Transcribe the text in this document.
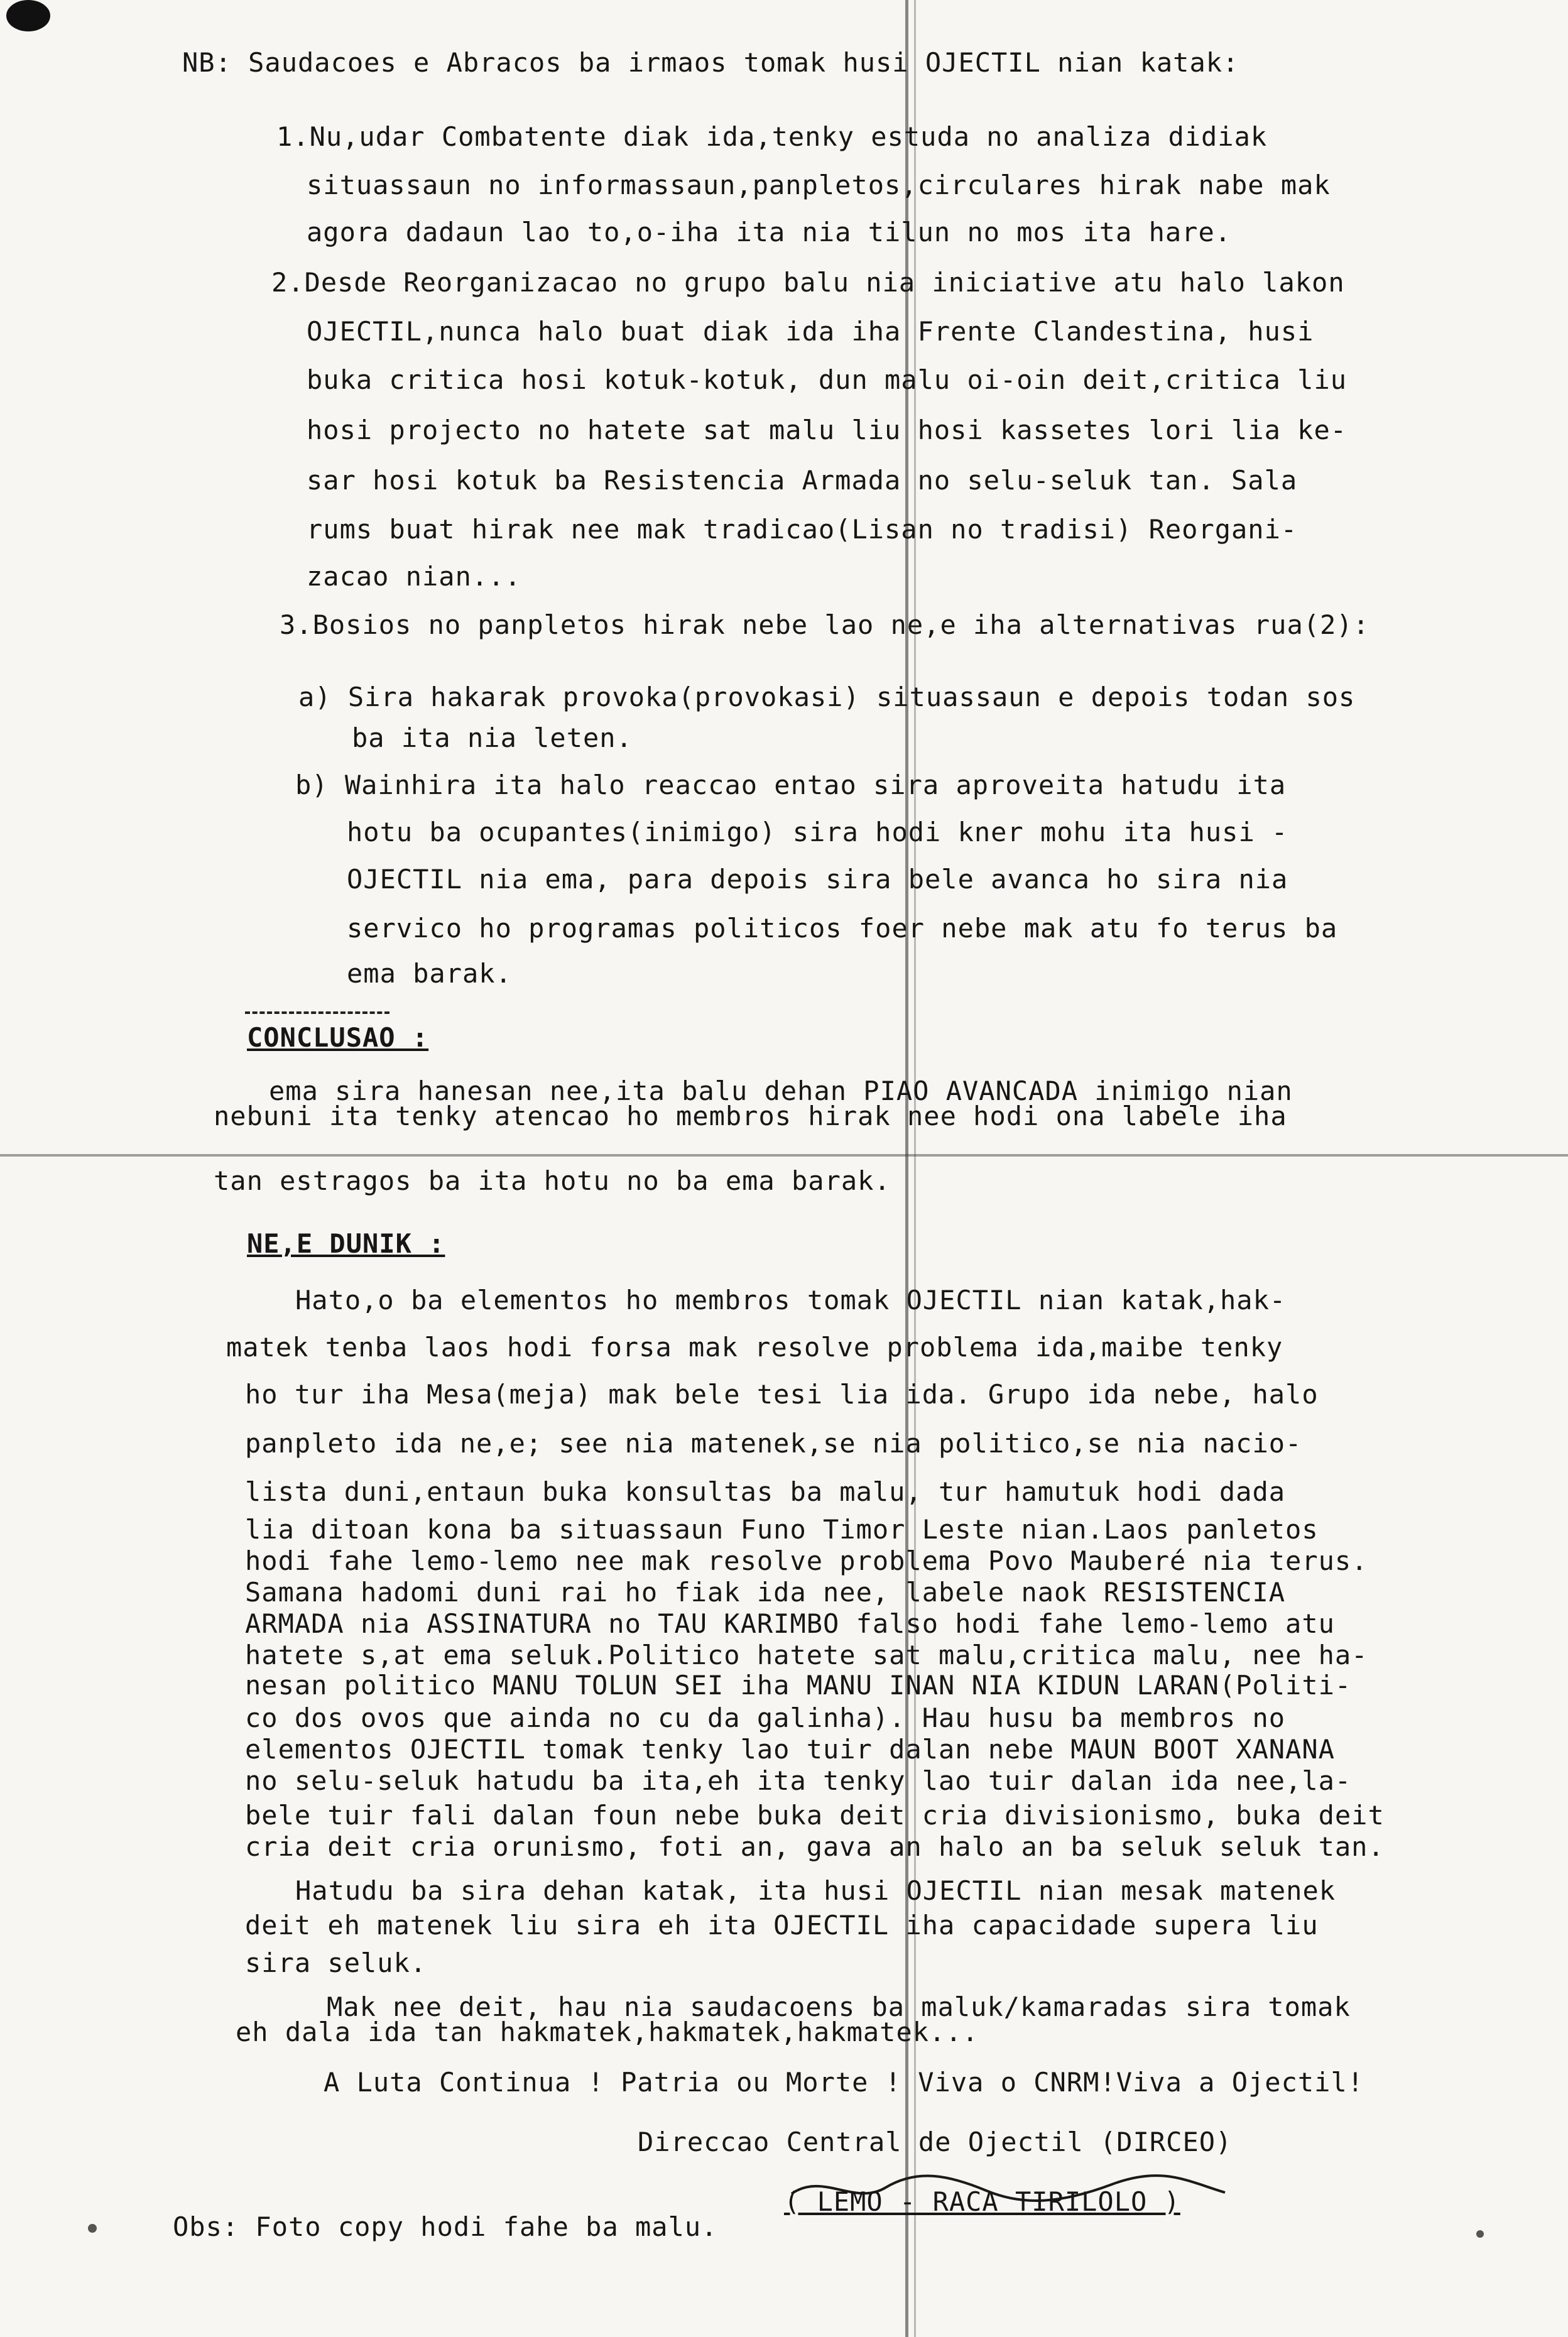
NB: Saudacoes e Abracos ba irmaos tomak husi OJECTIL nian katak:
1.Nu,udar Combatente diak ida,tenky estuda no analiza didiak
situassaun no informassaun,panpletos,circulares hirak nabe mak
agora dadaun lao to,o-iha ita nia tilun no mos ita hare.
2.Desde Reorganizacao no grupo balu nia iniciative atu halo lakon
OJECTIL,nunca halo buat diak ida iha Frente Clandestina, husi
buka critica hosi kotuk-kotuk, dun malu oi-oin deit,critica liu
hosi projecto no hatete sat malu liu hosi kassetes lori lia ke-
sar hosi kotuk ba Resistencia Armada no selu-seluk tan. Sala
rums buat hirak nee mak tradicao(Lisan no tradisi) Reorgani-
zacao nian...
3.Bosios no panpletos hirak nebe lao ne,e iha alternativas rua(2):
a) Sira hakarak provoka(provokasi) situassaun e depois todan sos
ba ita nia leten.
b) Wainhira ita halo reaccao entao sira aproveita hatudu ita
hotu ba ocupantes(inimigo) sira hodi kner mohu ita husi -
OJECTIL nia ema, para depois sira bele avanca ho sira nia
servico ho programas politicos foer nebe mak atu fo terus ba
ema barak.
CONCLUSAO :
ema sira hanesan nee,ita balu dehan PIAO AVANCADA inimigo nian
nebuni ita tenky atencao ho membros hirak nee hodi ona labele iha
tan estragos ba ita hotu no ba ema barak.
NE,E DUNIK :
Hato,o ba elementos ho membros tomak OJECTIL nian katak,hak-
matek tenba laos hodi forsa mak resolve problema ida,maibe tenky
ho tur iha Mesa(meja) mak bele tesi lia ida. Grupo ida nebe, halo
panpleto ida ne,e; see nia matenek,se nia politico,se nia nacio-
lista duni,entaun buka konsultas ba malu, tur hamutuk hodi dada
lia ditoan kona ba situassaun Funo Timor Leste nian.Laos panletos
hodi fahe lemo-lemo nee mak resolve problema Povo Mauberé nia terus.
Samana hadomi duni rai ho fiak ida nee, labele naok RESISTENCIA
ARMADA nia ASSINATURA no TAU KARIMBO falso hodi fahe lemo-lemo atu
hatete s,at ema seluk.Politico hatete sat malu,critica malu, nee ha-
nesan politico MANU TOLUN SEI iha MANU INAN NIA KIDUN LARAN(Politi-
co dos ovos que ainda no cu da galinha). Hau husu ba membros no
elementos OJECTIL tomak tenky lao tuir dalan nebe MAUN BOOT XANANA
no selu-seluk hatudu ba ita,eh ita tenky lao tuir dalan ida nee,la-
bele tuir fali dalan foun nebe buka deit cria divisionismo, buka deit
cria deit cria orunismo, foti an, gava an halo an ba seluk seluk tan.
Hatudu ba sira dehan katak, ita husi OJECTIL nian mesak matenek
deit eh matenek liu sira eh ita OJECTIL iha capacidade supera liu
sira seluk.
Mak nee deit, hau nia saudacoens ba maluk/kamaradas sira tomak
eh dala ida tan hakmatek,hakmatek,hakmatek...
A Luta Continua ! Patria ou Morte ! Viva o CNRM!Viva a Ojectil!
Direccao Central de Ojectil (DIRCEO)
( LEMO - RACA TIRILOLO )
Obs: Foto copy hodi fahe ba malu.
